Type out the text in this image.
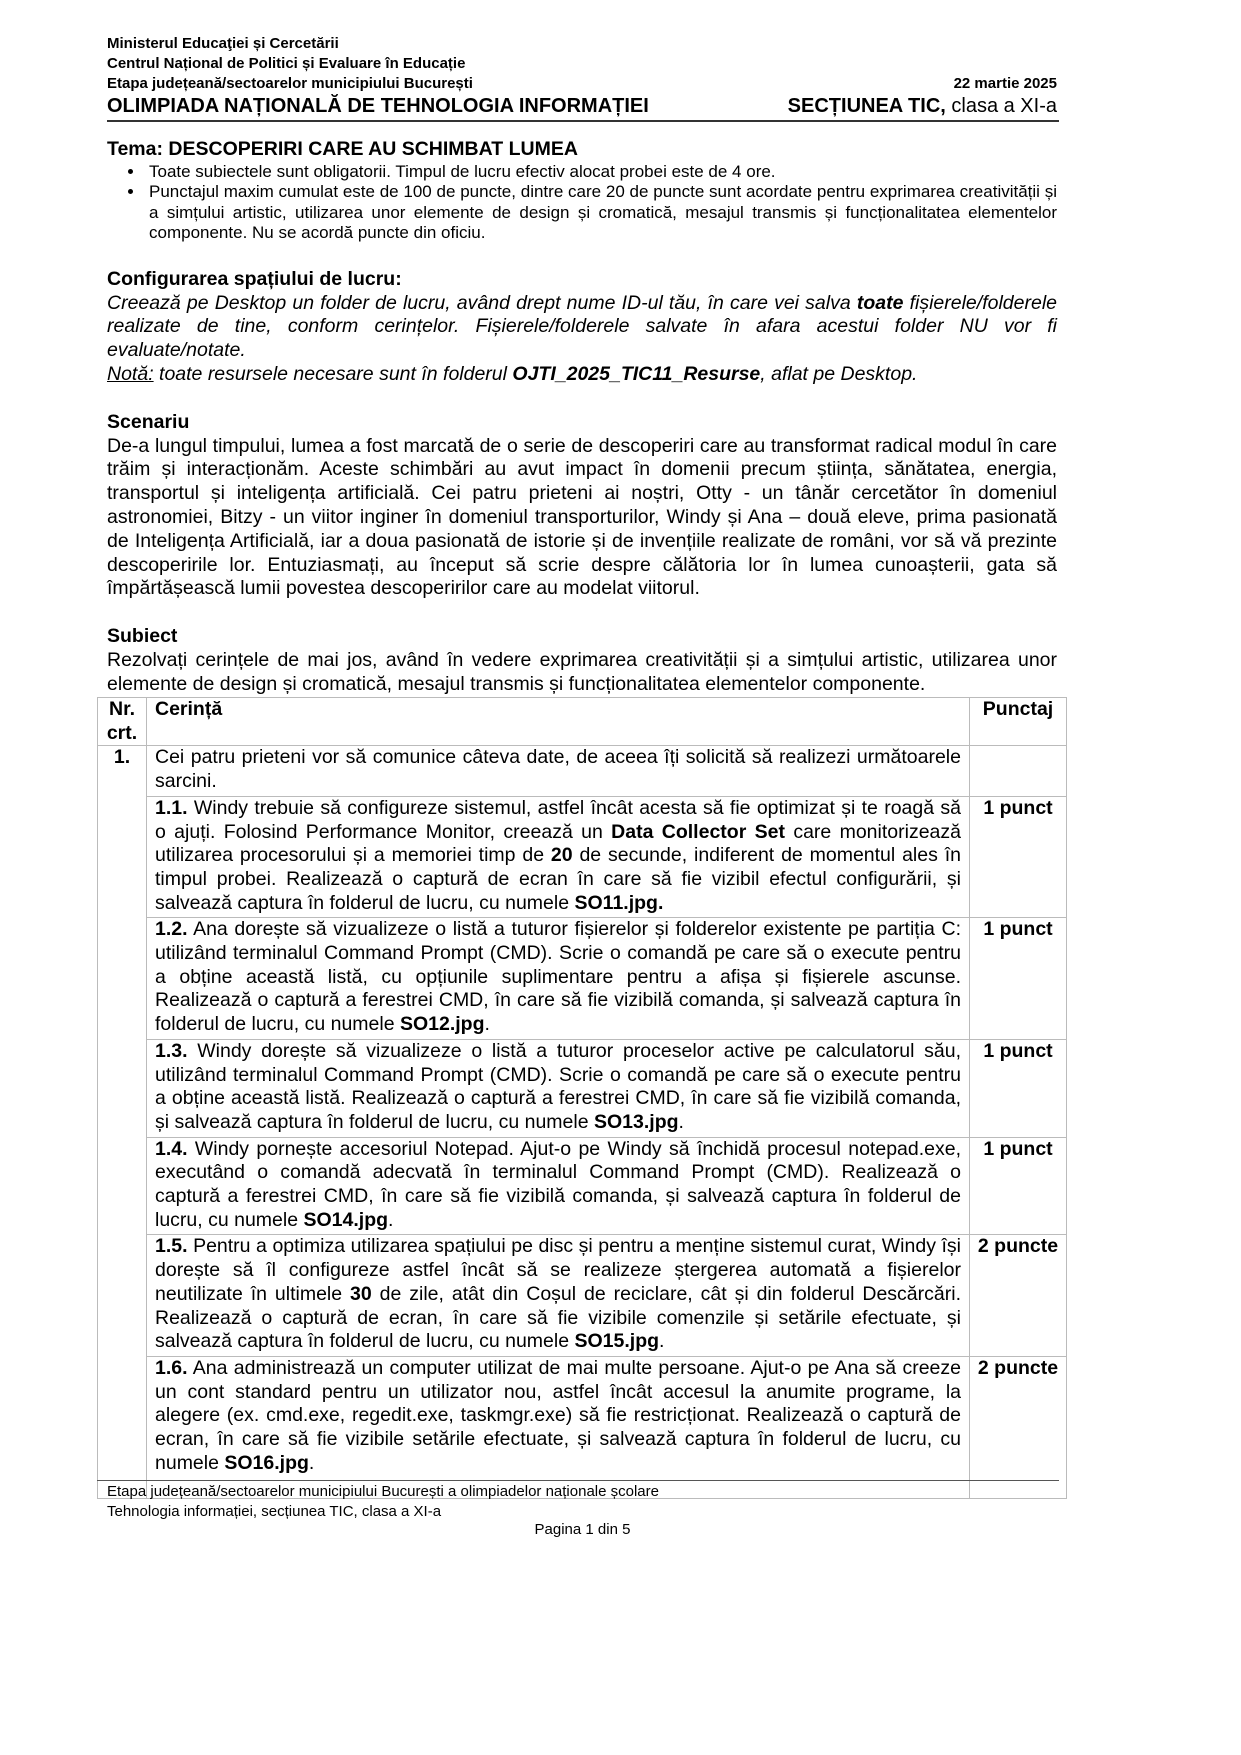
Ministerul Educaţiei și Cercetării
Centrul Național de Politici și Evaluare în Educație
Etapa județeană/sectoarelor municipiului București	22 martie 2025
OLIMPIADA NAȚIONALĂ DE TEHNOLOGIA INFORMAȚIEI	SECȚIUNEA TIC, clasa a XI-a

Tema: DESCOPERIRI CARE AU SCHIMBAT LUMEA

• Toate subiectele sunt obligatorii. Timpul de lucru efectiv alocat probei este de 4 ore.
• Punctajul maxim cumulat este de 100 de puncte, dintre care 20 de puncte sunt acordate pentru exprimarea creativității și a simțului artistic, utilizarea unor elemente de design și cromatică, mesajul transmis și funcționalitatea elementelor componente. Nu se acordă puncte din oficiu.

Configurarea spațiului de lucru:

Creează pe Desktop un folder de lucru, având drept nume ID-ul tău, în care vei salva toate fișierele/folderele realizate de tine, conform cerințelor. Fișierele/folderele salvate în afara acestui folder NU vor fi evaluate/notate.

Notă: toate resursele necesare sunt în folderul OJTI_2025_TIC11_Resurse, aflat pe Desktop.

Scenariu

De-a lungul timpului, lumea a fost marcată de o serie de descoperiri care au transformat radical modul în care trăim și interacționăm. Aceste schimbări au avut impact în domenii precum știința, sănătatea, energia, transportul și inteligența artificială. Cei patru prieteni ai noștri, Otty - un tânăr cercetător în domeniul astronomiei, Bitzy - un viitor inginer în domeniul transporturilor, Windy și Ana – două eleve, prima pasionată de Inteligența Artificială, iar a doua pasionată de istorie și de invențiile realizate de români, vor să vă prezinte descoperirile lor. Entuziasmați, au început să scrie despre călătoria lor în lumea cunoașterii, gata să împărtășească lumii povestea descoperirilor care au modelat viitorul.

Subiect

Rezolvați cerințele de mai jos, având în vedere exprimarea creativității și a simțului artistic, utilizarea unor elemente de design și cromatică, mesajul transmis și funcționalitatea elementelor componente.

Nr. crt.	Cerință	Punctaj
1.	Cei patru prieteni vor să comunice câteva date, de aceea îți solicită să realizezi următoarele sarcini.	
	1.1. Windy trebuie să configureze sistemul, astfel încât acesta să fie optimizat și te roagă să o ajuți. Folosind Performance Monitor, creează un Data Collector Set care monitorizează utilizarea procesorului și a memoriei timp de 20 de secunde, indiferent de momentul ales în timpul probei. Realizează o captură de ecran în care să fie vizibil efectul configurării, și salvează captura în folderul de lucru, cu numele SO11.jpg.	1 punct
	1.2. Ana dorește să vizualizeze o listă a tuturor fișierelor și folderelor existente pe partiția C: utilizând terminalul Command Prompt (CMD). Scrie o comandă pe care să o execute pentru a obține această listă, cu opțiunile suplimentare pentru a afișa și fișierele ascunse. Realizează o captură a ferestrei CMD, în care să fie vizibilă comanda, și salvează captura în folderul de lucru, cu numele SO12.jpg.	1 punct
	1.3. Windy dorește să vizualizeze o listă a tuturor proceselor active pe calculatorul său, utilizând terminalul Command Prompt (CMD). Scrie o comandă pe care să o execute pentru a obține această listă. Realizează o captură a ferestrei CMD, în care să fie vizibilă comanda, și salvează captura în folderul de lucru, cu numele SO13.jpg.	1 punct
	1.4. Windy pornește accesoriul Notepad. Ajut-o pe Windy să închidă procesul notepad.exe, executând o comandă adecvată în terminalul Command Prompt (CMD). Realizează o captură a ferestrei CMD, în care să fie vizibilă comanda, și salvează captura în folderul de lucru, cu numele SO14.jpg.	1 punct
	1.5. Pentru a optimiza utilizarea spațiului pe disc și pentru a menține sistemul curat, Windy își dorește să îl configureze astfel încât să se realizeze ștergerea automată a fișierelor neutilizate în ultimele 30 de zile, atât din Coșul de reciclare, cât și din folderul Descărcări. Realizează o captură de ecran, în care să fie vizibile comenzile și setările efectuate, și salvează captura în folderul de lucru, cu numele SO15.jpg.	2 puncte
	1.6. Ana administrează un computer utilizat de mai multe persoane. Ajut-o pe Ana să creeze un cont standard pentru un utilizator nou, astfel încât accesul la anumite programe, la alegere (ex. cmd.exe, regedit.exe, taskmgr.exe) să fie restricționat. Realizează o captură de ecran, în care să fie vizibile setările efectuate, și salvează captura în folderul de lucru, cu numele SO16.jpg.	2 puncte
Etapa județeană/sectoarelor municipiului București a olimpiadelor naționale școlare
Tehnologia informației, secțiunea TIC, clasa a XI-a
Pagina 1 din 5
